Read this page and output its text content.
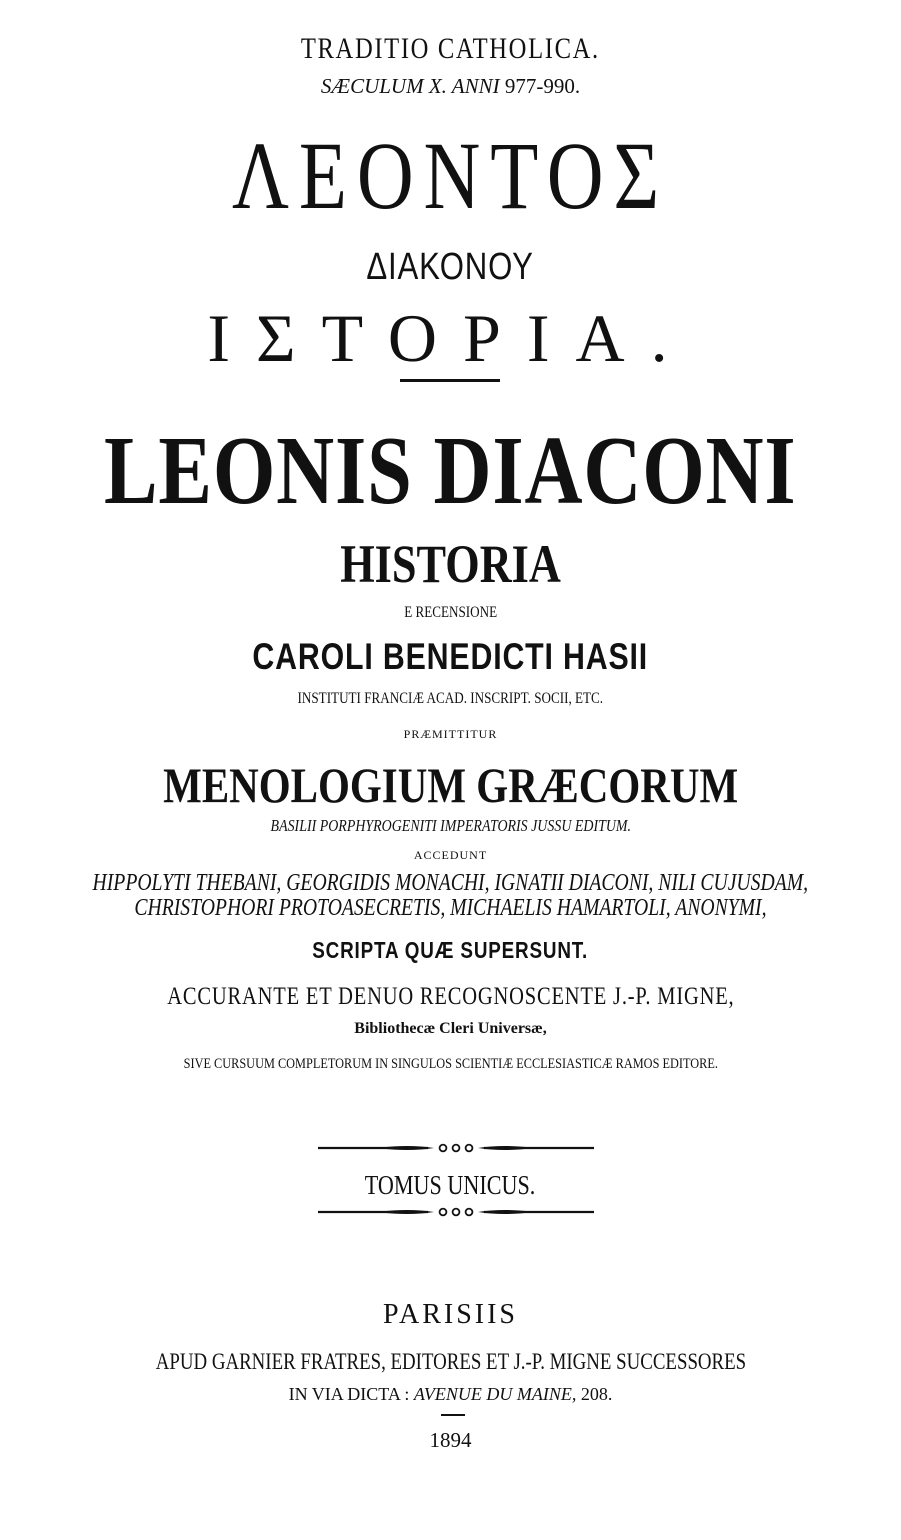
TRADITIO CATHOLICA.
SÆCULUM X. ANNI 977-990.
ΛΕΟΝΤΟΣ
ΔΙΑΚΟΝΟΥ
ΙΣΤΟΡΙΑ.
LEONIS DIACONI
HISTORIA
E RECENSIONE
CAROLI BENEDICTI HASII
INSTITUTI FRANCIÆ ACAD. INSCRIPT. SOCII, ETC.
PRÆMITTITUR
MENOLOGIUM GRÆCORUM
BASILII PORPHYROGENITI IMPERATORIS JUSSU EDITUM.
ACCEDUNT
HIPPOLYTI THEBANI, GEORGIDIS MONACHI, IGNATII DIACONI, NILI CUJUSDAM,
CHRISTOPHORI PROTOASECRETIS, MICHAELIS HAMARTOLI, ANONYMI,
SCRIPTA QUÆ SUPERSUNT.
ACCURANTE ET DENUO RECOGNOSCENTE J.-P. MIGNE,
Bibliothecæ Cleri Universæ,
SIVE CURSUUM COMPLETORUM IN SINGULOS SCIENTIÆ ECCLESIASTICÆ RAMOS EDITORE.
TOMUS UNICUS.
PARISIIS
APUD GARNIER FRATRES, EDITORES ET J.-P. MIGNE SUCCESSORES
IN VIA DICTA : AVENUE DU MAINE, 208.
1894
